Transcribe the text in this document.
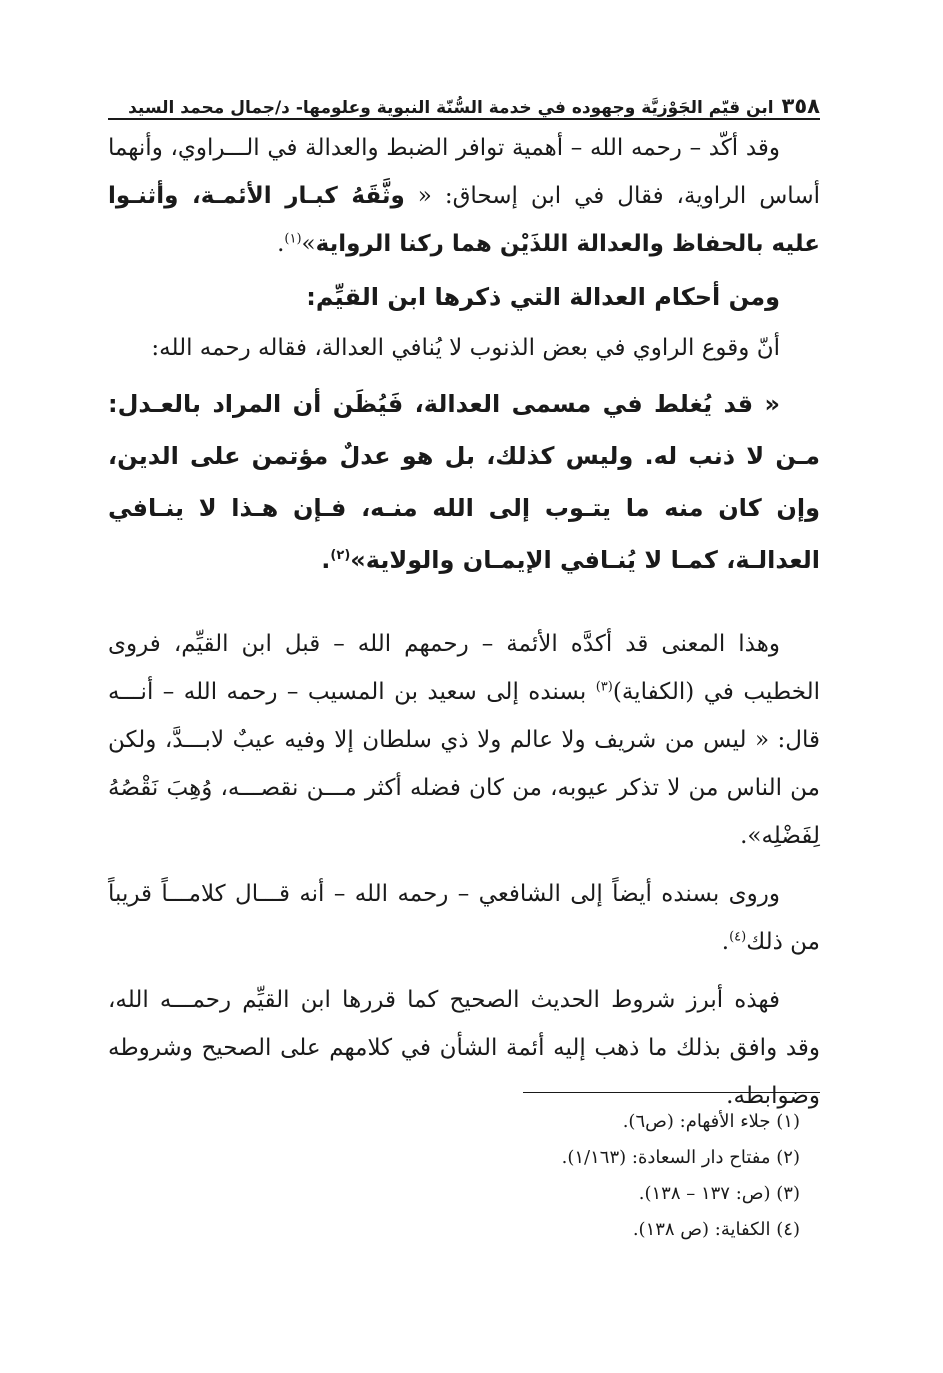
٣٥٨
ابن قيّم الجَوْزِيَّة وجهوده في خدمة السُّنّة النبوية وعلومها- د/جمال محمد السيد

وقد أكّد – رحمه الله – أهمية توافر الضبط والعدالة في الـــراوي، وأنهما أساس الراوية، فقال في ابن إسحاق: « وثَّقَهُ كبـار الأئمـة، وأثنـوا عليه بالحفاظ والعدالة اللذَيْن هما ركنا الرواية»$^{(١)}$.

ومن أحكام العدالة التي ذكرها ابن القيِّم:

أنّ وقوع الراوي في بعض الذنوب لا يُنافي العدالة، فقاله رحمه الله:

« قد يُغلط في مسمى العدالة، فَيُظَن أن المراد بالعـدل: مـن لا ذنب له. وليس كذلك، بل هو عدلٌ مؤتمن على الدين، وإن كان منه ما يتـوب إلى الله منـه، فـإن هـذا لا ينـافي العدالـة، كمـا لا يُنـافي الإيمـان والولاية»$^{(٢)}$.

وهذا المعنى قد أكدَّه الأئمة – رحمهم الله – قبل ابن القيِّم، فروى الخطيب في (الكفاية)$^{(٣)}$ بسنده إلى سعيد بن المسيب – رحمه الله – أنـــه قال: « ليس من شريف ولا عالم ولا ذي سلطان إلا وفيه عيبٌ لابـــدَّ، ولكن من الناس من لا تذكر عيوبه، من كان فضله أكثر مـــن نقصـــه، وُهِبَ نَقْصُهُ لِفَضْلِه».

وروى بسنده أيضاً إلى الشافعي – رحمه الله – أنه قـــال كلامـــاً قريباً من ذلك$^{(٤)}$.

فهذه أبرز شروط الحديث الصحيح كما قررها ابن القيِّم رحمـــه الله، وقد وافق بذلك ما ذهب إليه أئمة الشأن في كلامهم على الصحيح وشروطه وضوابطه.

(١) جلاء الأفهام: (ص٦).
(٢) مفتاح دار السعادة: (١/١٦٣).
(٣) (ص: ١٣٧ – ١٣٨).
(٤) الكفاية: (ص ١٣٨).
